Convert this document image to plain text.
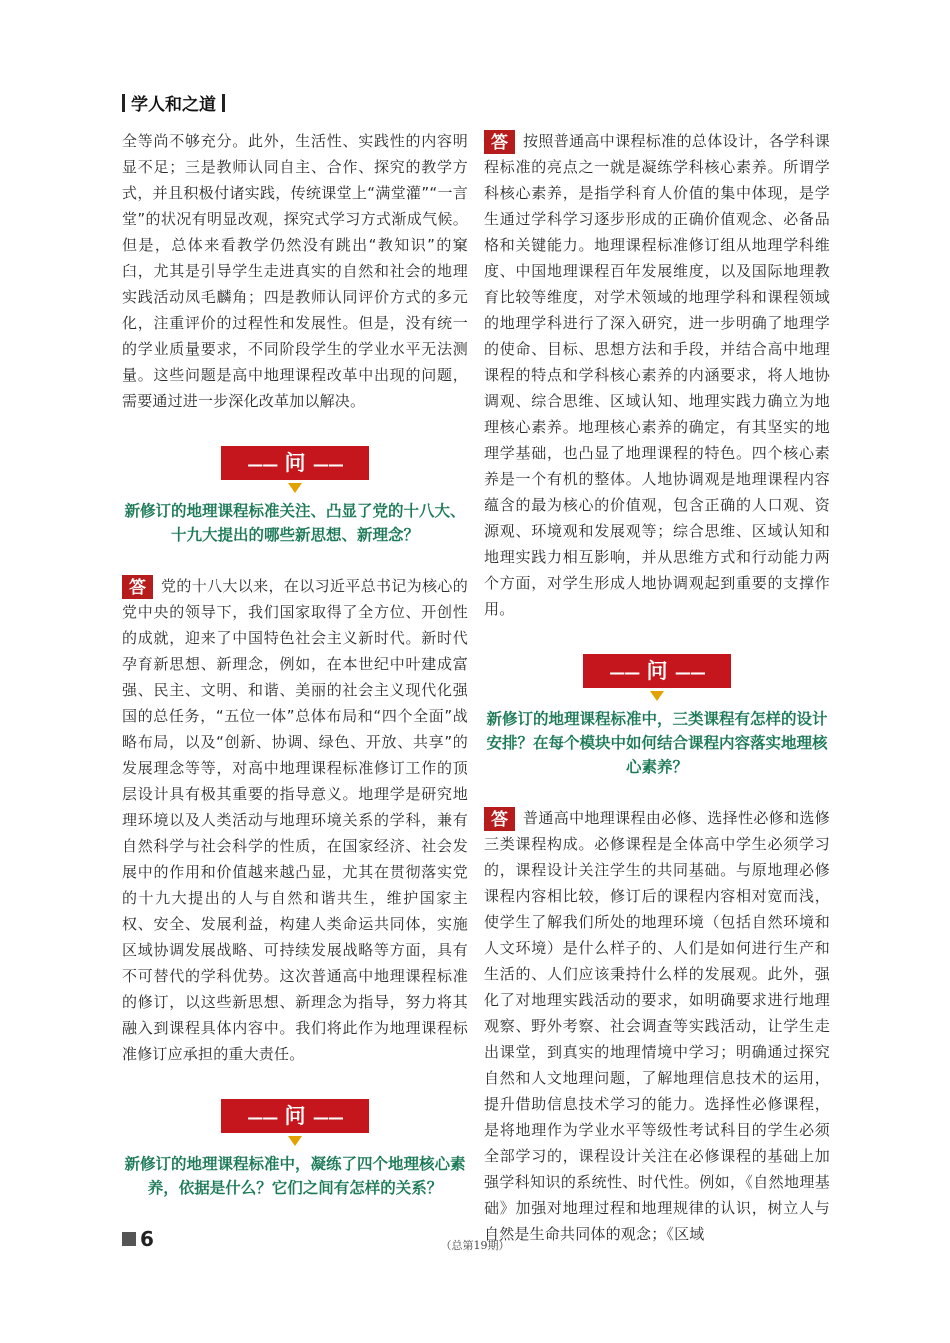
学人和之道

全等尚不够充分。此外，生活性、实践性的内容明显不足；三是教师认同自主、合作、探究的教学方式，并且积极付诸实践，传统课堂上“满堂灌”“一言堂”的状况有明显改观，探究式学习方式渐成气候。但是，总体来看教学仍然没有跳出“教知识”的窠臼，尤其是引导学生走进真实的自然和社会的地理实践活动凤毛麟角；四是教师认同评价方式的多元化，注重评价的过程性和发展性。但是，没有统一的学业质量要求，不同阶段学生的学业水平无法测量。这些问题是高中地理课程改革中出现的问题，需要通过进一步深化改革加以解决。

—— 问 ——

新修订的地理课程标准关注、凸显了党的十八大、十九大提出的哪些新思想、新理念？

答	党的十八大以来，在以习近平总书记为核心的党中央的领导下，我们国家取得了全方位、开创性的成就，迎来了中国特色社会主义新时代。新时代孕育新思想、新理念，例如，在本世纪中叶建成富强、民主、文明、和谐、美丽的社会主义现代化强国的总任务，“五位一体”总体布局和“四个全面”战略布局，以及“创新、协调、绿色、开放、共享”的发展理念等等，对高中地理课程标准修订工作的顶层设计具有极其重要的指导意义。地理学是研究地理环境以及人类活动与地理环境关系的学科，兼有自然科学与社会科学的性质，在国家经济、社会发展中的作用和价值越来越凸显，尤其在贯彻落实党的十九大提出的人与自然和谐共生，维护国家主权、安全、发展利益，构建人类命运共同体，实施区域协调发展战略、可持续发展战略等方面，具有不可替代的学科优势。这次普通高中地理课程标准的修订，以这些新思想、新理念为指导，努力将其融入到课程具体内容中。我们将此作为地理课程标准修订应承担的重大责任。

—— 问 ——

新修订的地理课程标准中，凝练了四个地理核心素养，依据是什么？它们之间有怎样的关系？

答	按照普通高中课程标准的总体设计，各学科课程标准的亮点之一就是凝练学科核心素养。所谓学科核心素养，是指学科育人价值的集中体现，是学生通过学科学习逐步形成的正确价值观念、必备品格和关键能力。地理课程标准修订组从地理学科维度、中国地理课程百年发展维度，以及国际地理教育比较等维度，对学术领域的地理学科和课程领域的地理学科进行了深入研究，进一步明确了地理学的使命、目标、思想方法和手段，并结合高中地理课程的特点和学科核心素养的内涵要求，将人地协调观、综合思维、区域认知、地理实践力确立为地理核心素养。地理核心素养的确定，有其坚实的地理学基础，也凸显了地理课程的特色。四个核心素养是一个有机的整体。人地协调观是地理课程内容蕴含的最为核心的价值观，包含正确的人口观、资源观、环境观和发展观等；综合思维、区域认知和地理实践力相互影响，并从思维方式和行动能力两个方面，对学生形成人地协调观起到重要的支撑作用。

—— 问 ——

新修订的地理课程标准中，三类课程有怎样的设计安排？在每个模块中如何结合课程内容落实地理核心素养？

答	普通高中地理课程由必修、选择性必修和选修三类课程构成。必修课程是全体高中学生必须学习的，课程设计关注学生的共同基础。与原地理必修课程内容相比较，修订后的课程内容相对宽而浅，使学生了解我们所处的地理环境（包括自然环境和人文环境）是什么样子的、人们是如何进行生产和生活的、人们应该秉持什么样的发展观。此外，强化了对地理实践活动的要求，如明确要求进行地理观察、野外考察、社会调查等实践活动，让学生走出课堂，到真实的地理情境中学习；明确通过探究自然和人文地理问题，了解地理信息技术的运用，提升借助信息技术学习的能力。选择性必修课程，是将地理作为学业水平等级性考试科目的学生必须全部学习的，课程设计关注在必修课程的基础上加强学科知识的系统性、时代性。例如，《自然地理基础》加强对地理过程和地理规律的认识，树立人与自然是生命共同体的观念；《区域

6	（总第19期）
